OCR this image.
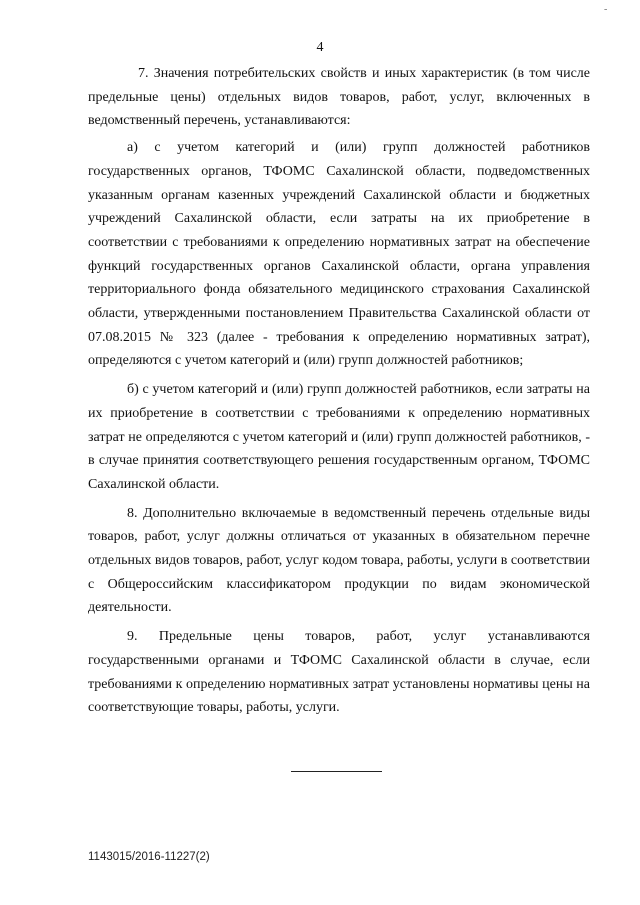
-
4

7. Значения потребительских свойств и иных характеристик (в том числе предельные цены) отдельных видов товаров, работ, услуг, включенных в ведомственный перечень, устанавливаются:

а) с учетом категорий и (или) групп должностей работников государственных органов, ТФОМС Сахалинской области, подведомственных указанным органам казенных учреждений Сахалинской области и бюджетных учреждений Сахалинской области, если затраты на их приобретение в соответствии с требованиями к определению нормативных затрат на обеспечение функций государственных органов Сахалинской области, органа управления территориального фонда обязательного медицинского страхования Сахалинской области, утвержденными постановлением Правительства Сахалинской области от 07.08.2015 № 323 (далее - требования к определению нормативных затрат), определяются с учетом категорий и (или) групп должностей работников;

б) с учетом категорий и (или) групп должностей работников, если затраты на их приобретение в соответствии с требованиями к определению нормативных затрат не определяются с учетом категорий и (или) групп должностей работников, - в случае принятия соответствующего решения государственным органом, ТФОМС Сахалинской области.

8. Дополнительно включаемые в ведомственный перечень отдельные виды товаров, работ, услуг должны отличаться от указанных в обязательном перечне отдельных видов товаров, работ, услуг кодом товара, работы, услуги в соответствии с Общероссийским классификатором продукции по видам экономической деятельности.

9. Предельные цены товаров, работ, услуг устанавливаются государственными органами и ТФОМС Сахалинской области в случае, если требованиями к определению нормативных затрат установлены нормативы цены на соответствующие товары, работы, услуги.

1143015/2016-11227(2)
